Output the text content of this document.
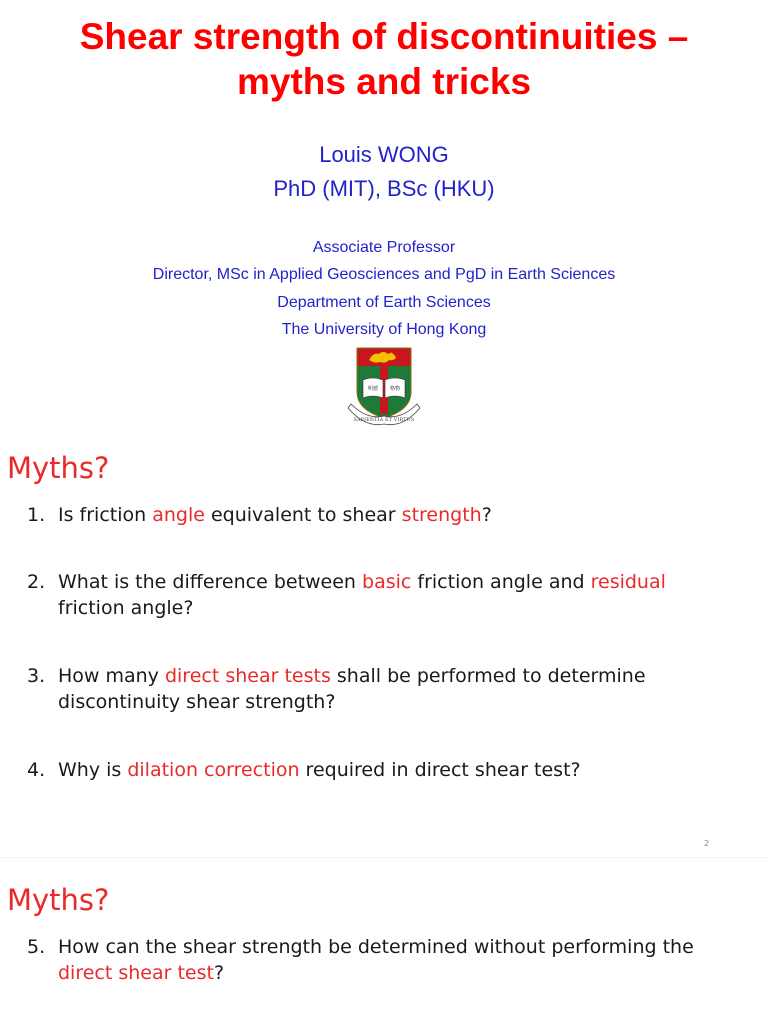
Shear strength of discontinuities –
myths and tricks
Louis WONG
PhD (MIT), BSc (HKU)
Associate Professor
Director, MSc in Applied Geosciences and PgD in Earth Sciences
Department of Earth Sciences
The University of Hong Kong
明德 格物
SAPIENTIA ET VIRTUS
Myths?
1. Is friction angle equivalent to shear strength?
2. What is the difference between basic friction angle and residual friction angle?
3. How many direct shear tests shall be performed to determine discontinuity shear strength?
4. Why is dilation correction required in direct shear test?
2
Myths?
5. How can the shear strength be determined without performing the direct shear test?
